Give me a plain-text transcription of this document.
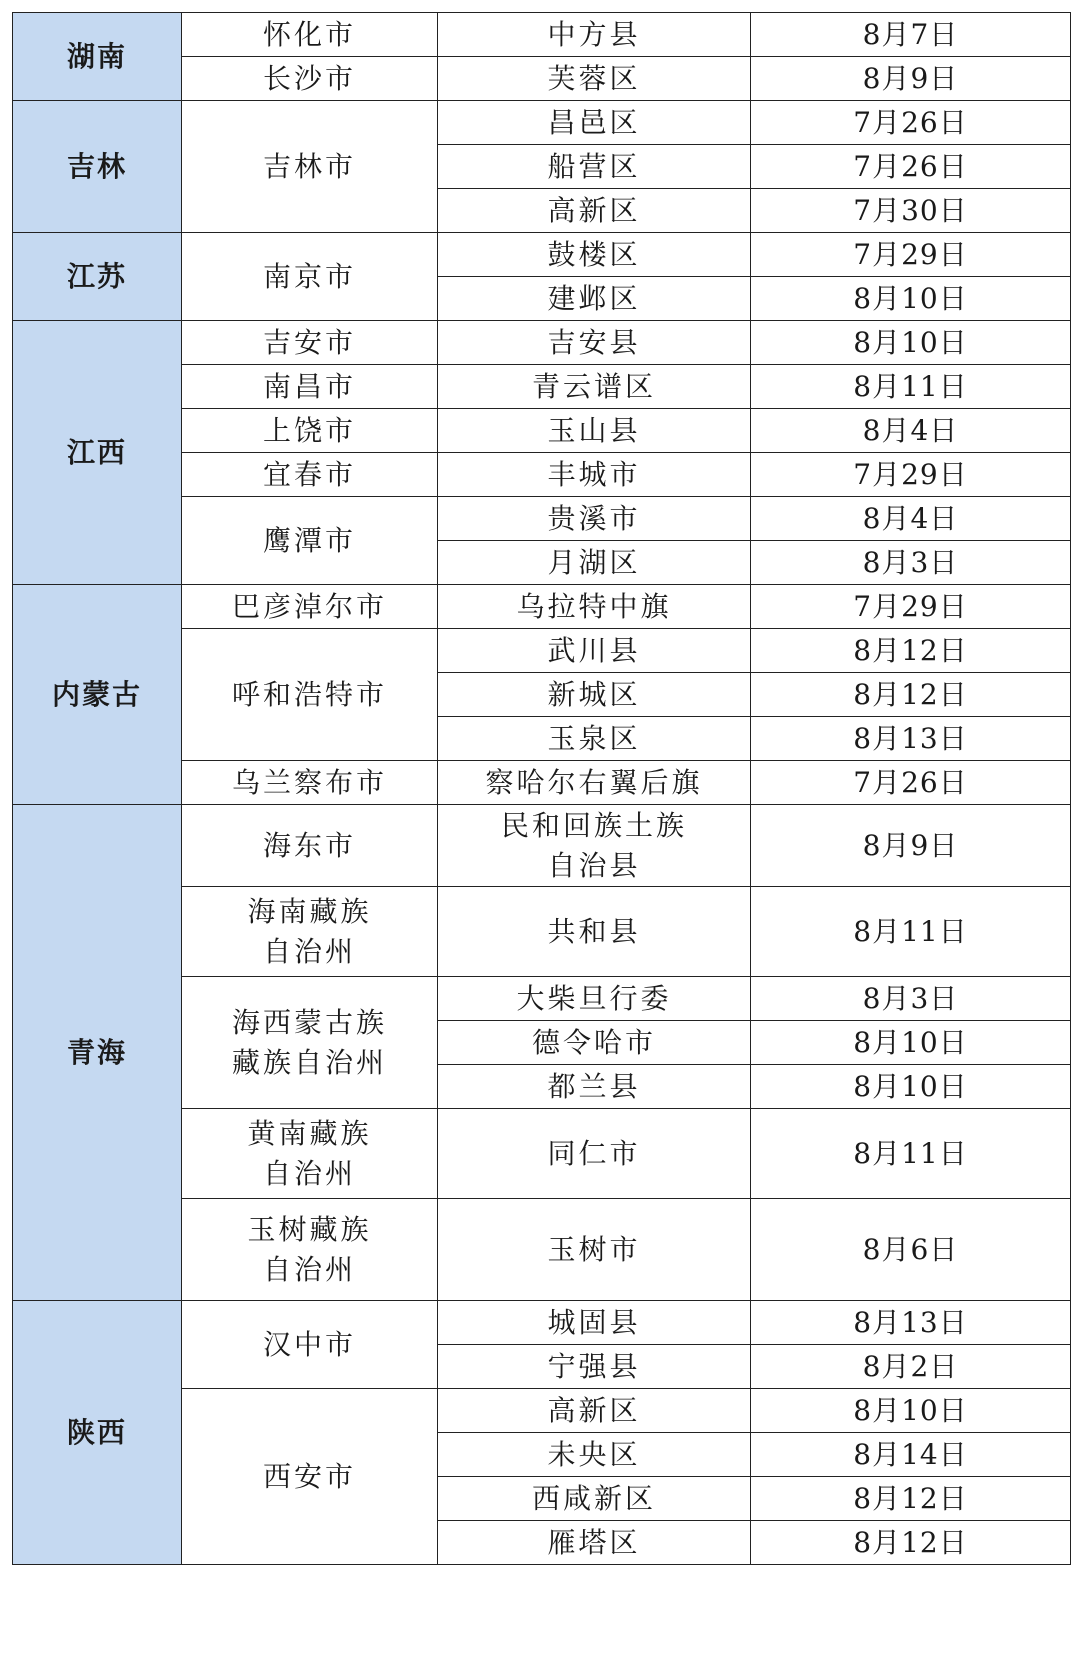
湖南	怀化市	中方县	8月7日
	长沙市	芙蓉区	8月9日
吉林	吉林市	昌邑区	7月26日
		船营区	7月26日
		高新区	7月30日
江苏	南京市	鼓楼区	7月29日
		建邺区	8月10日
江西	吉安市	吉安县	8月10日
	南昌市	青云谱区	8月11日
	上饶市	玉山县	8月4日
	宜春市	丰城市	7月29日
	鹰潭市	贵溪市	8月4日
		月湖区	8月3日
内蒙古	巴彦淖尔市	乌拉特中旗	7月29日
	呼和浩特市	武川县	8月12日
		新城区	8月12日
		玉泉区	8月13日
	乌兰察布市	察哈尔右翼后旗	7月26日
青海	海东市	民和回族土族自治县	8月9日
	海南藏族自治州	共和县	8月11日
	海西蒙古族藏族自治州	大柴旦行委	8月3日
		德令哈市	8月10日
		都兰县	8月10日
	黄南藏族自治州	同仁市	8月11日
	玉树藏族自治州	玉树市	8月6日
陕西	汉中市	城固县	8月13日
		宁强县	8月2日
	西安市	高新区	8月10日
		未央区	8月14日
		西咸新区	8月12日
		雁塔区	8月12日
